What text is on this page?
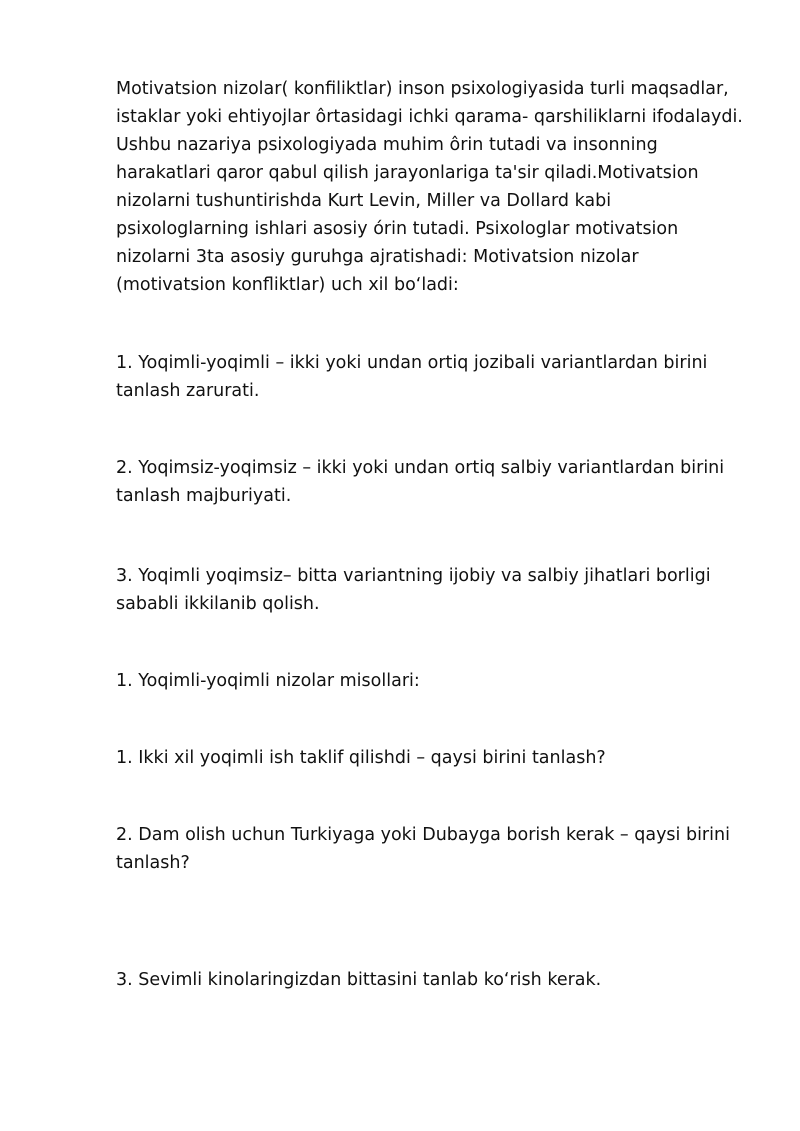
Motivatsion nizolar( konfiliktlar) inson psixologiyasida turli maqsadlar,
istaklar yoki ehtiyojlar ôrtasidagi ichki qarama- qarshiliklarni ifodalaydi.
Ushbu nazariya psixologiyada muhim ôrin tutadi va insonning
harakatlari qaror qabul qilish jarayonlariga ta'sir qiladi.Motivatsion
nizolarni tushuntirishda Kurt Levin, Miller va Dollard kabi
psixologlarning ishlari asosiy órin tutadi. Psixologlar motivatsion
nizolarni 3ta asosiy guruhga ajratishadi: Motivatsion nizolar
(motivatsion konfliktlar) uch xil bo‘ladi:

1. Yoqimli-yoqimli – ikki yoki undan ortiq jozibali variantlardan birini
tanlash zarurati.

2. Yoqimsiz-yoqimsiz – ikki yoki undan ortiq salbiy variantlardan birini
tanlash majburiyati.

3. Yoqimli yoqimsiz– bitta variantning ijobiy va salbiy jihatlari borligi
sababli ikkilanib qolish.

1. Yoqimli-yoqimli nizolar misollari:

1. Ikki xil yoqimli ish taklif qilishdi – qaysi birini tanlash?

2. Dam olish uchun Turkiyaga yoki Dubayga borish kerak – qaysi birini
tanlash?

3. Sevimli kinolaringizdan bittasini tanlab ko‘rish kerak.
